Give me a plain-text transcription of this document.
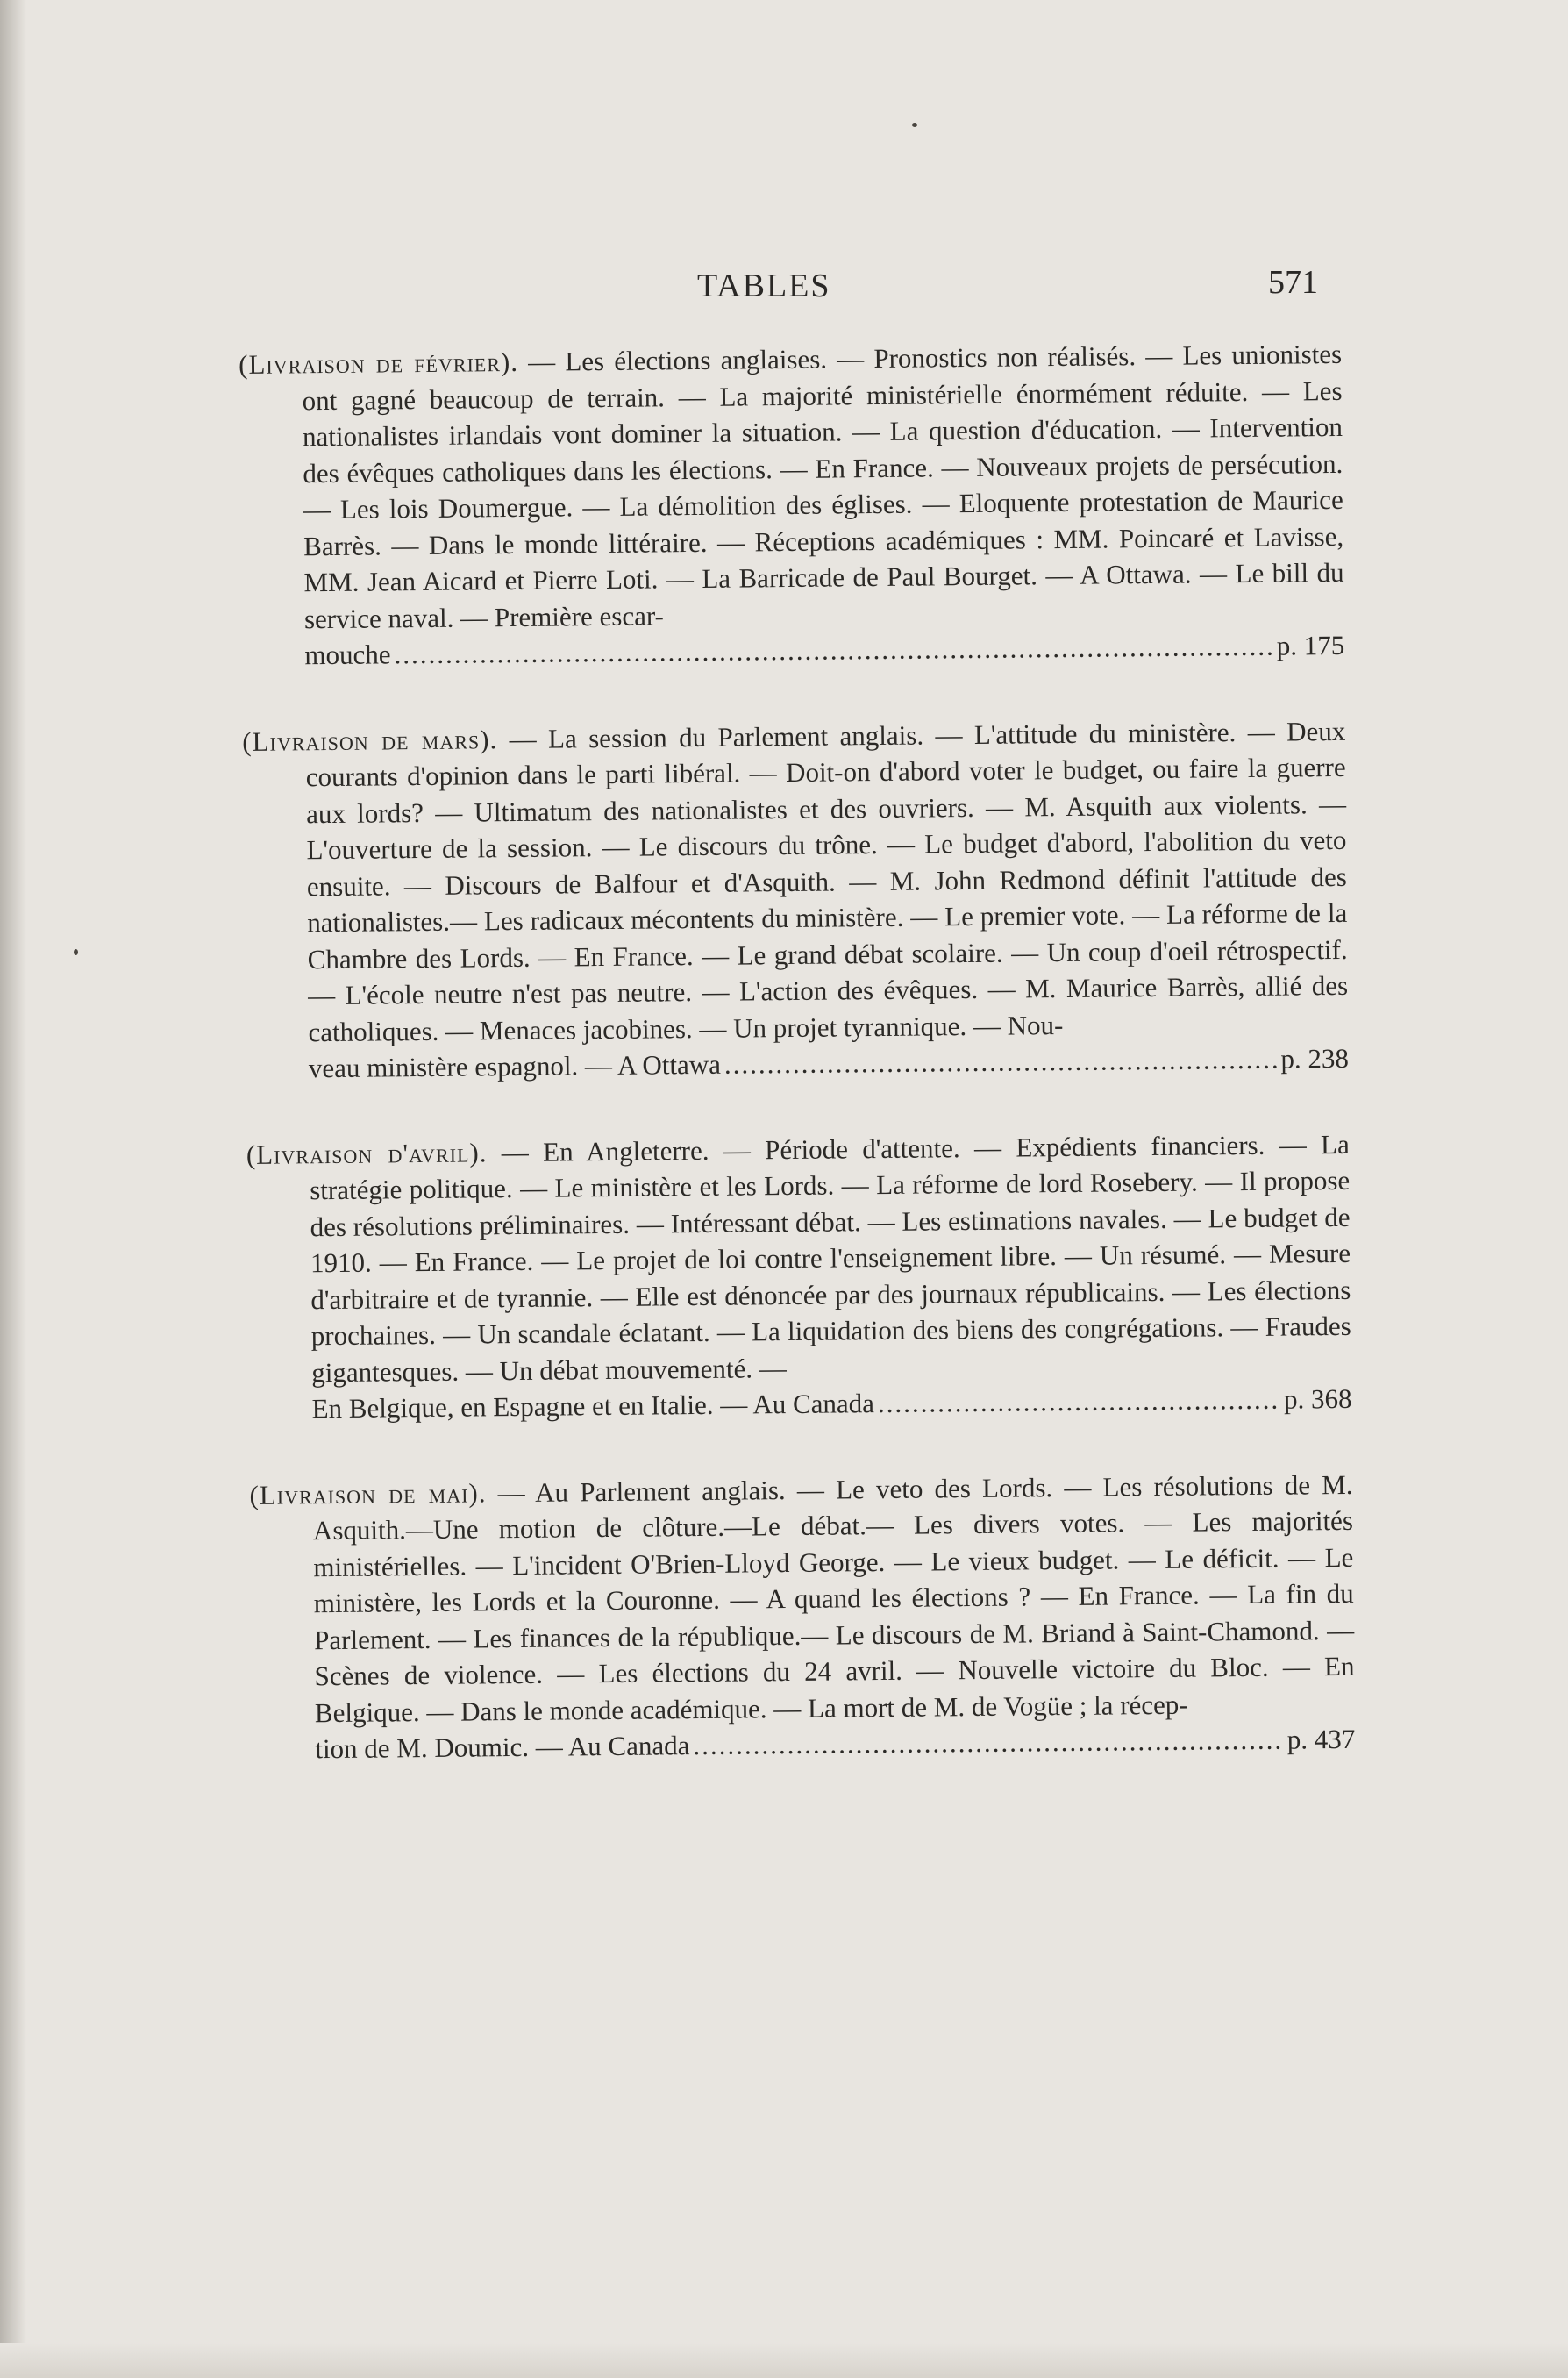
TABLES	571
(Livraison de février). — Les élections anglaises. — Pronostics non réalisés. — Les unionistes ont gagné beaucoup de terrain. — La majorité ministérielle énormément réduite. — Les nationalistes irlandais vont dominer la situation. — La question d'éducation. — Intervention des évêques catholiques dans les élections. — En France. — Nouveaux projets de persécution. — Les lois Doumergue. — La démolition des églises. — Eloquente protestation de Maurice Barrès. — Dans le monde littéraire. — Réceptions académiques : MM. Poincaré et Lavisse, MM. Jean Aicard et Pierre Loti. — La Barricade de Paul Bourget. — A Ottawa. — Le bill du service naval. — Première escar-
mouche .....	p. 175
(Livraison de mars). — La session du Parlement anglais. — L'attitude du ministère. — Deux courants d'opinion dans le parti libéral. — Doit-on d'abord voter le budget, ou faire la guerre aux lords? — Ultimatum des nationalistes et des ouvriers. — M. Asquith aux violents. — L'ouverture de la session. — Le discours du trône. — Le budget d'abord, l'abolition du veto ensuite. — Discours de Balfour et d'Asquith. — M. John Redmond définit l'attitude des nationalistes.— Les radicaux mécontents du ministère. — Le premier vote. — La réforme de la Chambre des Lords. — En France. — Le grand débat scolaire. — Un coup d'oeil rétrospectif. — L'école neutre n'est pas neutre. — L'action des évêques. — M. Maurice Barrès, allié des catholiques. — Menaces jacobines. — Un projet tyrannique. — Nou-
veau ministère espagnol. — A Ottawa .....	p. 238
(Livraison d'avril). — En Angleterre. — Période d'attente. — Expédients financiers. — La stratégie politique. — Le ministère et les Lords. — La réforme de lord Rosebery. — Il propose des résolutions préliminaires. — Intéressant débat. — Les estimations navales. — Le budget de 1910. — En France. — Le projet de loi contre l'enseignement libre. — Un résumé. — Mesure d'arbitraire et de tyrannie. — Elle est dénoncée par des journaux républicains. — Les élections prochaines. — Un scandale éclatant. — La liquidation des biens des congrégations. — Fraudes gigantesques. — Un débat mouvementé. —
En Belgique, en Espagne et en Italie. — Au Canada .....	p. 368
(Livraison de mai). — Au Parlement anglais. — Le veto des Lords. — Les résolutions de M. Asquith.—Une motion de clôture.—Le débat.— Les divers votes. — Les majorités ministérielles. — L'incident O'Brien-Lloyd George. — Le vieux budget. — Le déficit. — Le ministère, les Lords et la Couronne. — A quand les élections ? — En France. — La fin du Parlement. — Les finances de la république.— Le discours de M. Briand à Saint-Chamond. — Scènes de violence. — Les élections du 24 avril. — Nouvelle victoire du Bloc. — En Belgique. — Dans le monde académique. — La mort de M. de Vogüe ; la récep-
tion de M. Doumic. — Au Canada .....	p. 437
